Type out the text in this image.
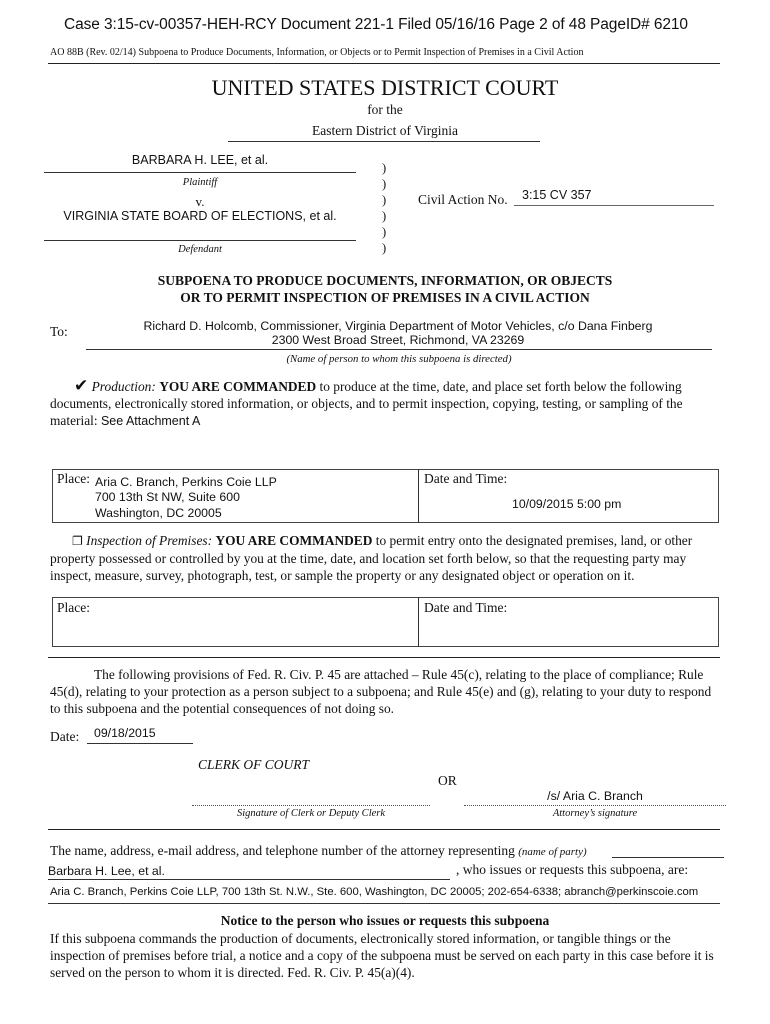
Case 3:15-cv-00357-HEH-RCY Document 221-1 Filed 05/16/16 Page 2 of 48 PageID# 6210
AO 88B (Rev. 02/14) Subpoena to Produce Documents, Information, or Objects or to Permit Inspection of Premises in a Civil Action
UNITED STATES DISTRICT COURT
for the
Eastern District of Virginia
BARBARA H. LEE, et al.
Plaintiff
v.
VIRGINIA STATE BOARD OF ELECTIONS, et al.
Defendant
)
)
)
)
)
)
Civil Action No. 3:15 CV 357
SUBPOENA TO PRODUCE DOCUMENTS, INFORMATION, OR OBJECTS
OR TO PERMIT INSPECTION OF PREMISES IN A CIVIL ACTION
To:	Richard D. Holcomb, Commissioner, Virginia Department of Motor Vehicles, c/o Dana Finberg
2300 West Broad Street, Richmond, VA 23269
(Name of person to whom this subpoena is directed)
✔ Production: YOU ARE COMMANDED to produce at the time, date, and place set forth below the following documents, electronically stored information, or objects, and to permit inspection, copying, testing, or sampling of the material: See Attachment A
Place: Aria C. Branch, Perkins Coie LLP
700 13th St NW, Suite 600
Washington, DC 20005
Date and Time:
10/09/2015 5:00 pm
❐ Inspection of Premises: YOU ARE COMMANDED to permit entry onto the designated premises, land, or other property possessed or controlled by you at the time, date, and location set forth below, so that the requesting party may inspect, measure, survey, photograph, test, or sample the property or any designated object or operation on it.
Place:	Date and Time:
The following provisions of Fed. R. Civ. P. 45 are attached – Rule 45(c), relating to the place of compliance; Rule 45(d), relating to your protection as a person subject to a subpoena; and Rule 45(e) and (g), relating to your duty to respond to this subpoena and the potential consequences of not doing so.
Date: 09/18/2015
CLERK OF COURT
OR
Signature of Clerk or Deputy Clerk
/s/ Aria C. Branch
Attorney’s signature
The name, address, e-mail address, and telephone number of the attorney representing (name of party)
Barbara H. Lee, et al.	, who issues or requests this subpoena, are:
Aria C. Branch, Perkins Coie LLP, 700 13th St. N.W., Ste. 600, Washington, DC 20005; 202-654-6338; abranch@perkinscoie.com
Notice to the person who issues or requests this subpoena
If this subpoena commands the production of documents, electronically stored information, or tangible things or the inspection of premises before trial, a notice and a copy of the subpoena must be served on each party in this case before it is served on the person to whom it is directed. Fed. R. Civ. P. 45(a)(4).
